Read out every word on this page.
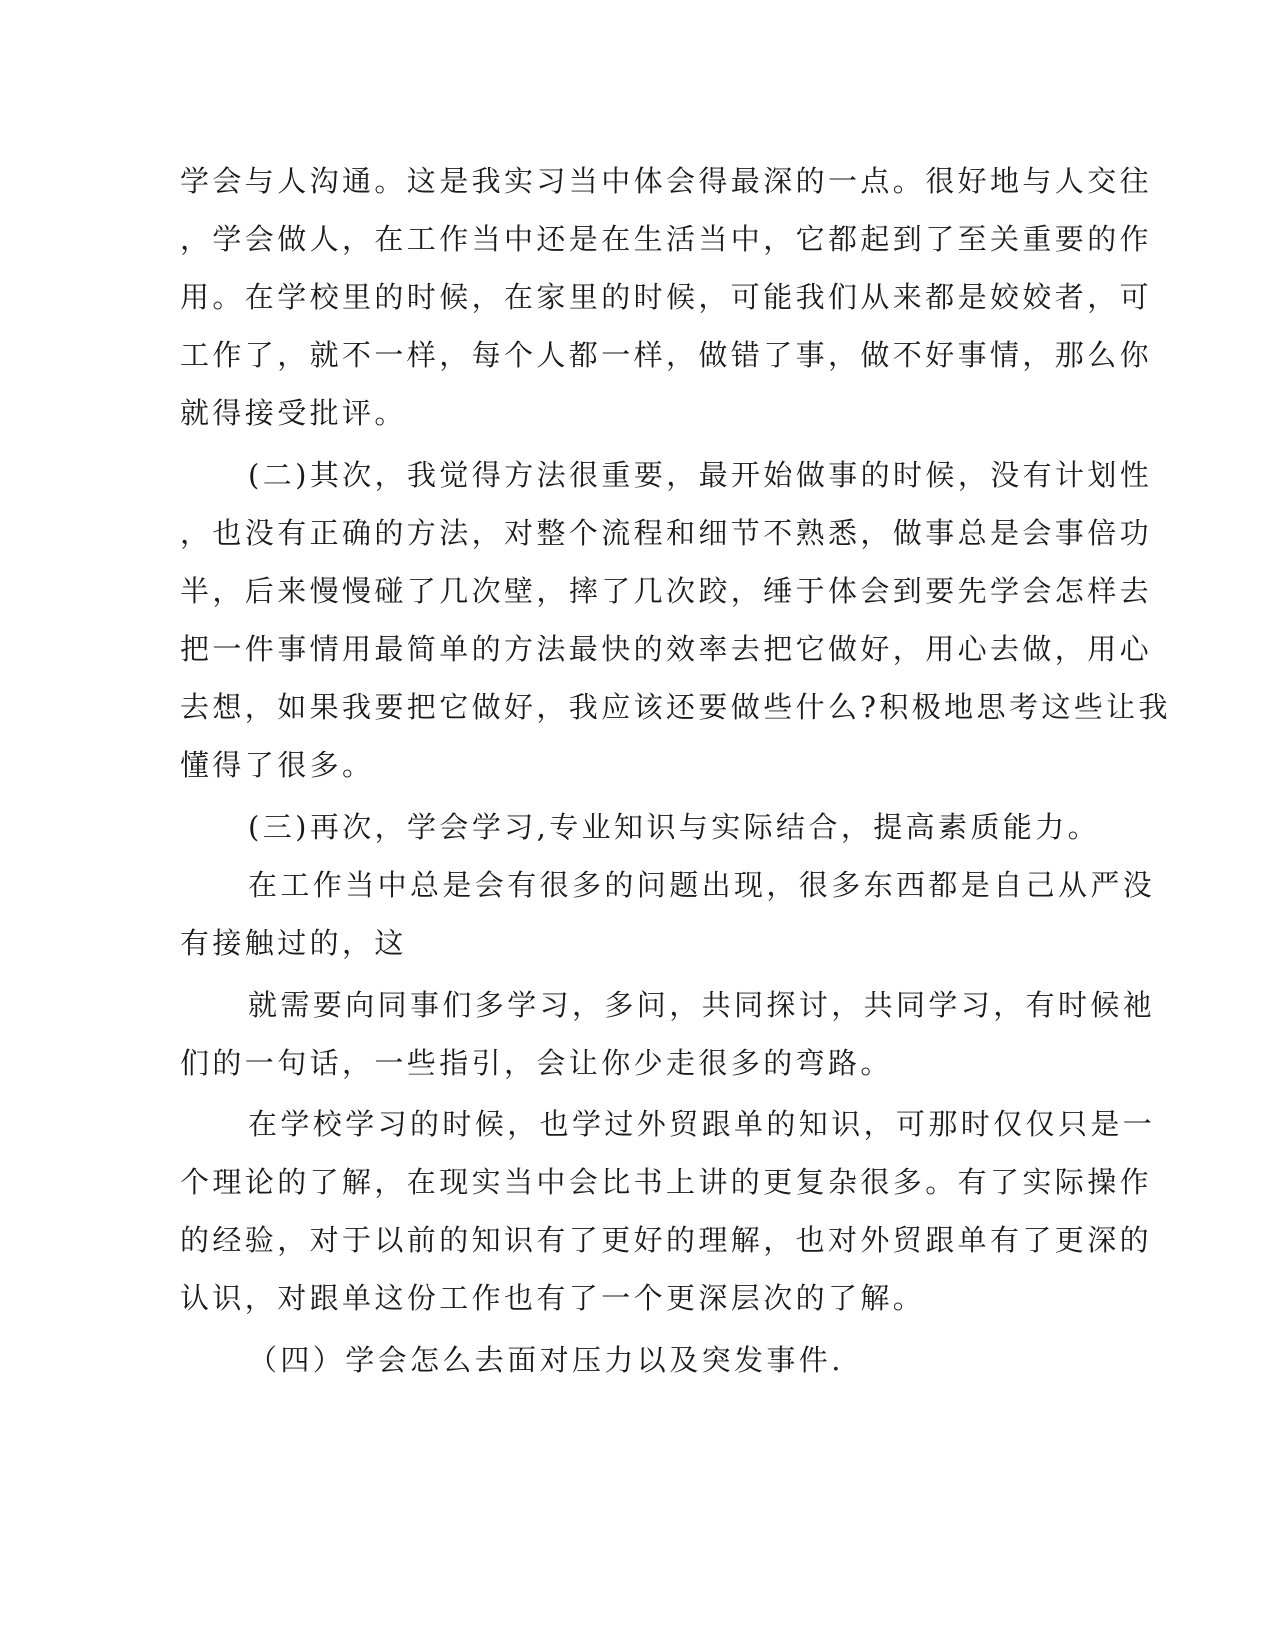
学会与人沟通。这是我实习当中体会得最深的一点。很好地与人交往
，学会做人，在工作当中还是在生活当中，它都起到了至关重要的作
用。在学校里的时候，在家里的时候，可能我们从来都是姣姣者，可
工作了，就不一样，每个人都一样，做错了事，做不好事情，那么你
就得接受批评。
(二)其次，我觉得方法很重要，最开始做事的时候，没有计划性
，也没有正确的方法，对整个流程和细节不熟悉，做事总是会事倍功
半，后来慢慢碰了几次壁，摔了几次跤，缍于体会到要先学会怎样去
把一件事情用最简单的方法最快的效率去把它做好，用心去做，用心
去想，如果我要把它做好，我应该还要做些什么?积极地思考这些让我
懂得了很多。
(三)再次，学会学习,专业知识与实际结合，提高素质能力。
在工作当中总是会有很多的问题出现，很多东西都是自己从严没
有接触过的，这
就需要向同事们多学习，多问，共同探讨，共同学习，有时候祂
们的一句话，一些指引，会让你少走很多的弯路。
在学校学习的时候，也学过外贸跟单的知识，可那时仅仅只是一
个理论的了解，在现实当中会比书上讲的更复杂很多。有了实际操作
的经验，对于以前的知识有了更好的理解，也对外贸跟单有了更深的
认识，对跟单这份工作也有了一个更深层次的了解。
（四）学会怎么去面对压力以及突发事件.
